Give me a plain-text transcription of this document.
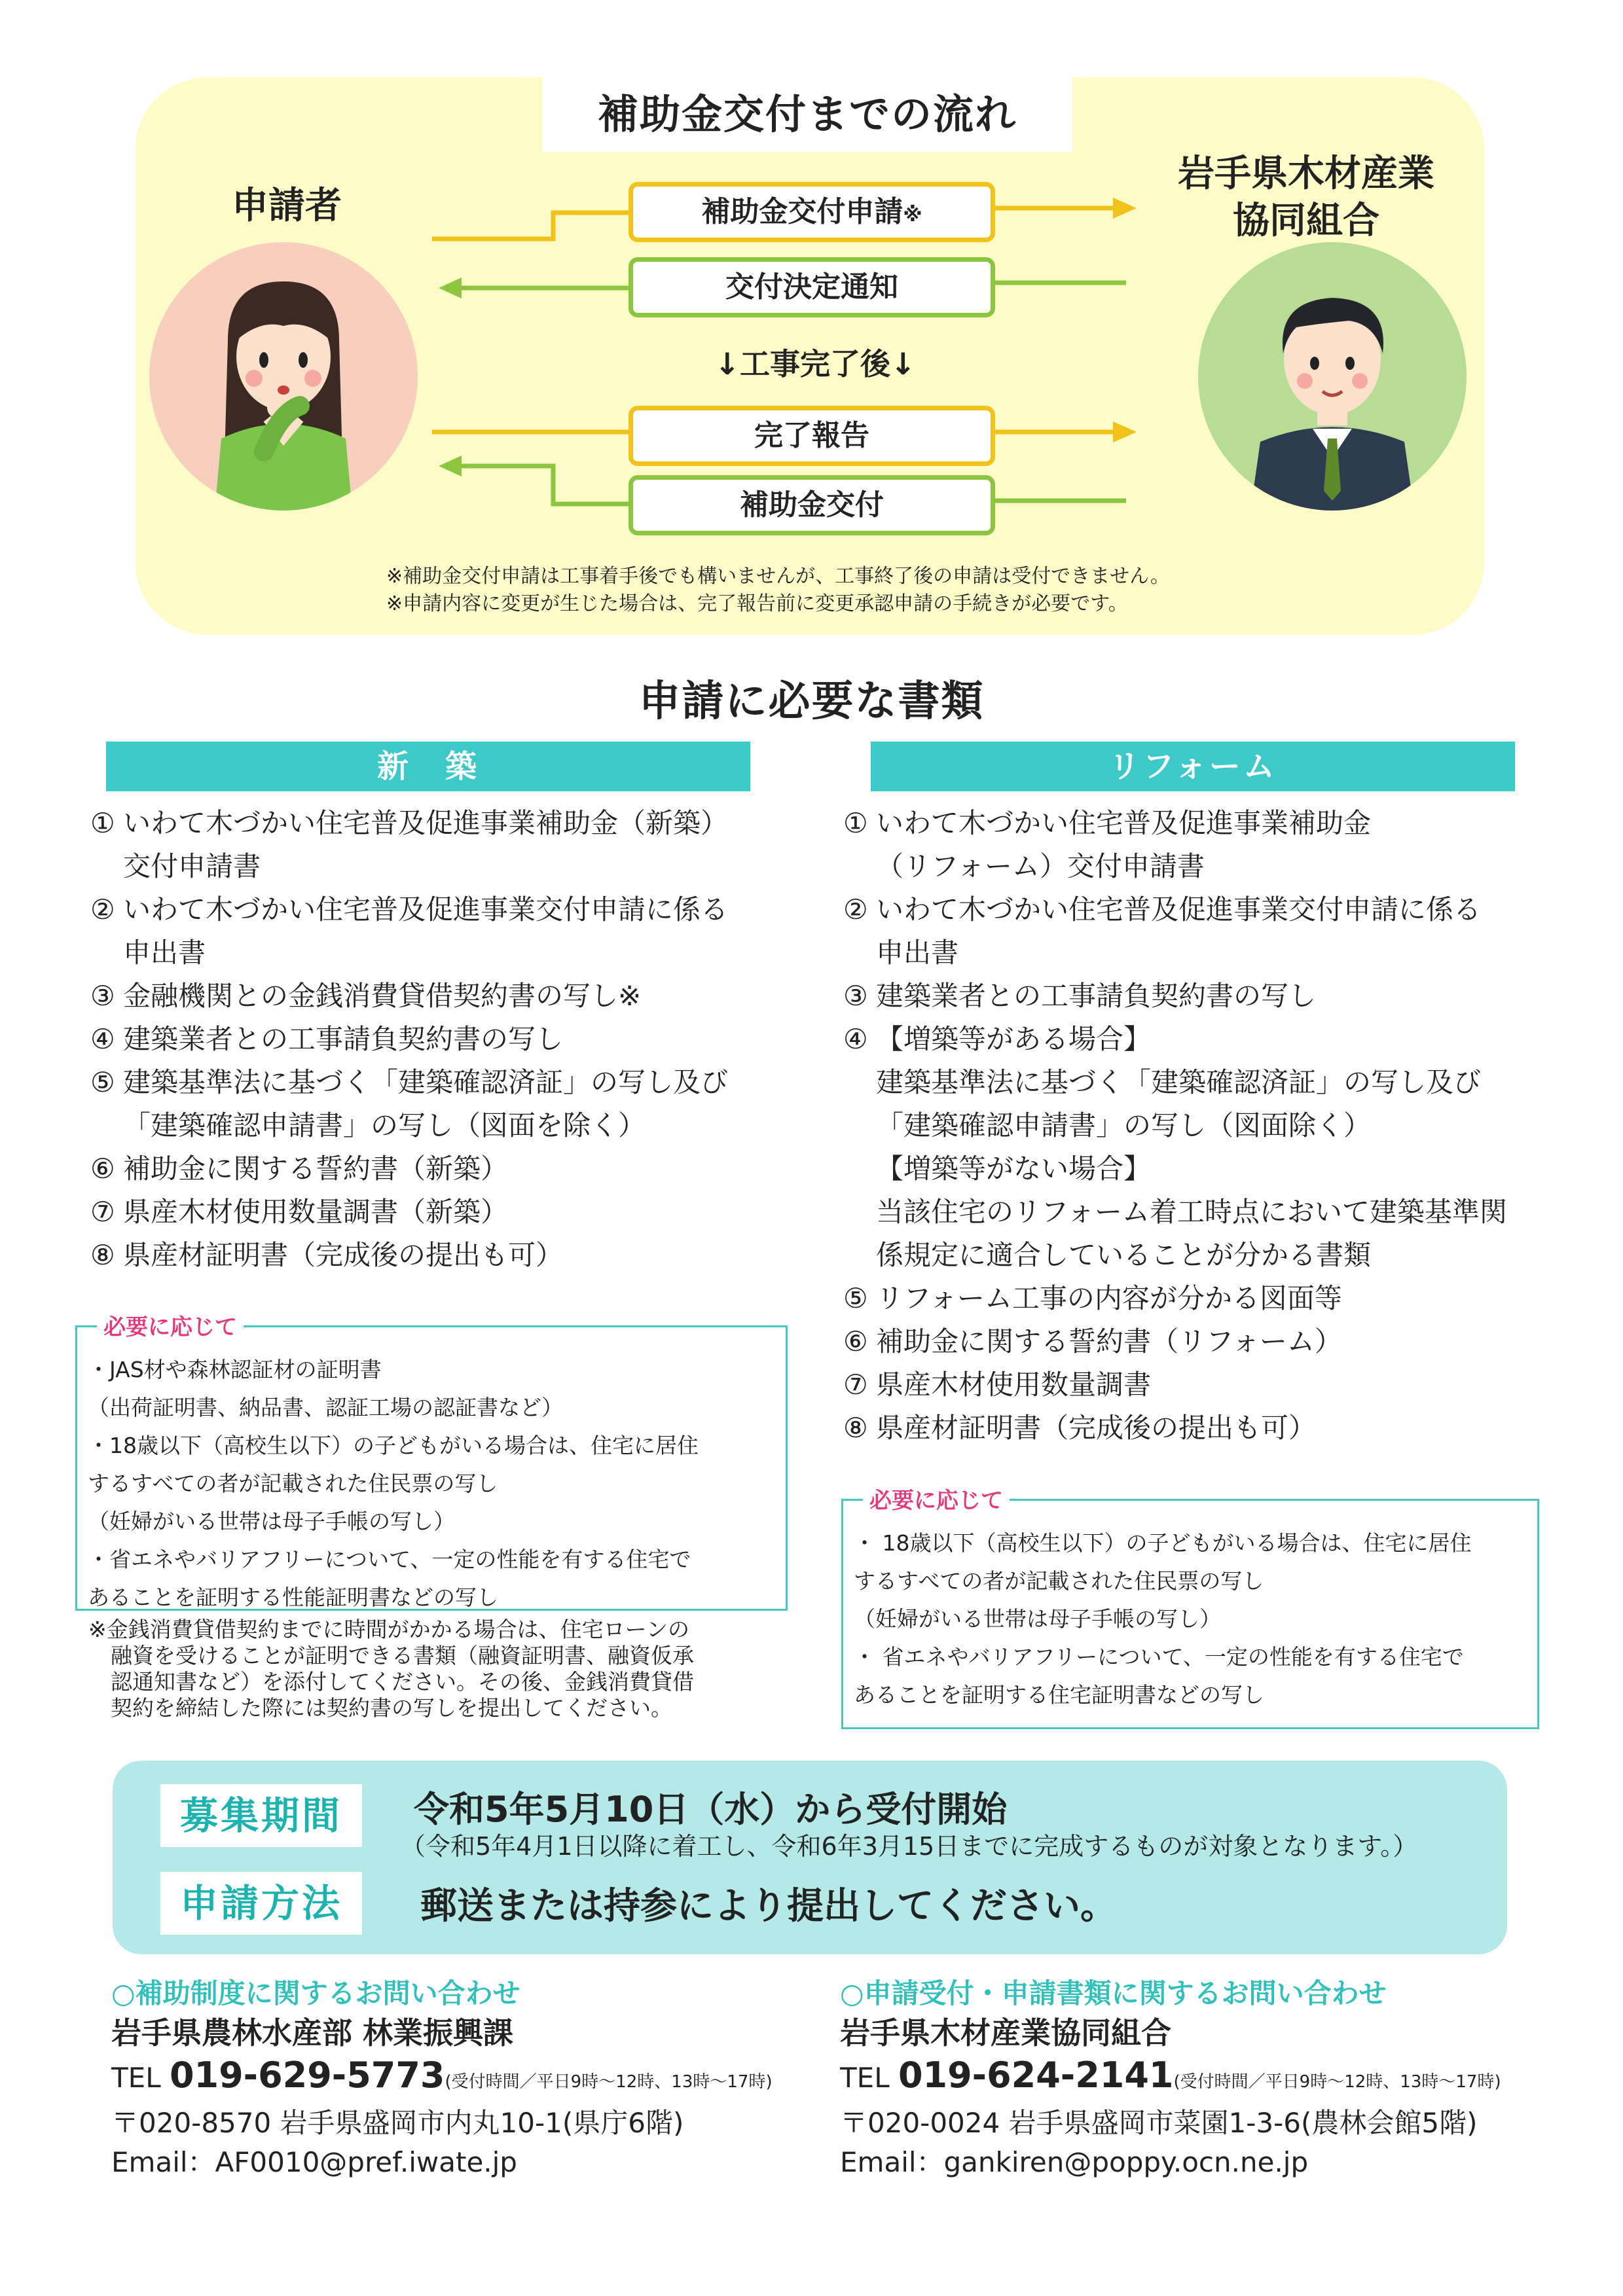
補助金交付までの流れ
申請者
岩手県木材産業
協同組合
補助金交付申請※
交付決定通知
↓工事完了後↓
完了報告
補助金交付
※補助金交付申請は工事着手後でも構いませんが、工事終了後の申請は受付できません。
※申請内容に変更が生じた場合は、完了報告前に変更承認申請の手続きが必要です。
申請に必要な書類
新　築	リフォーム
① いわて木づかい住宅普及促進事業補助金（新築）
交付申請書
② いわて木づかい住宅普及促進事業交付申請に係る
申出書
③ 金融機関との金銭消費貸借契約書の写し※
④ 建築業者との工事請負契約書の写し
⑤ 建築基準法に基づく「建築確認済証」の写し及び
「建築確認申請書」の写し（図面を除く）
⑥ 補助金に関する誓約書（新築）
⑦ 県産木材使用数量調書（新築）
⑧ 県産材証明書（完成後の提出も可）
① いわて木づかい住宅普及促進事業補助金
（リフォーム）交付申請書
② いわて木づかい住宅普及促進事業交付申請に係る
申出書
③ 建築業者との工事請負契約書の写し
④ 【増築等がある場合】
建築基準法に基づく「建築確認済証」の写し及び
「建築確認申請書」の写し（図面除く）
【増築等がない場合】
当該住宅のリフォーム着工時点において建築基準関
係規定に適合していることが分かる書類
⑤ リフォーム工事の内容が分かる図面等
⑥ 補助金に関する誓約書（リフォーム）
⑦ 県産木材使用数量調書
⑧ 県産材証明書（完成後の提出も可）
必要に応じて
・JAS材や森林認証材の証明書
（出荷証明書、納品書、認証工場の認証書など）
・18歳以下（高校生以下）の子どもがいる場合は、住宅に居住
するすべての者が記載された住民票の写し
（妊婦がいる世帯は母子手帳の写し）
・省エネやバリアフリーについて、一定の性能を有する住宅で
あることを証明する性能証明書などの写し
※金銭消費貸借契約までに時間がかかる場合は、住宅ローンの
融資を受けることが証明できる書類（融資証明書、融資仮承
認通知書など）を添付してください。その後、金銭消費貸借
契約を締結した際には契約書の写しを提出してください。
必要に応じて
・ 18歳以下（高校生以下）の子どもがいる場合は、住宅に居住
するすべての者が記載された住民票の写し
（妊婦がいる世帯は母子手帳の写し）
・ 省エネやバリアフリーについて、一定の性能を有する住宅で
あることを証明する住宅証明書などの写し
募集期間	令和5年5月10日（水）から受付開始
（令和5年4月1日以降に着工し、令和6年3月15日までに完成するものが対象となります。）
申請方法	郵送または持参により提出してください。
○補助制度に関するお問い合わせ
岩手県農林水産部 林業振興課
TEL 019-629-5773(受付時間／平日9時～12時、13時～17時)
〒020-8570 岩手県盛岡市内丸10-1(県庁6階)
Email：AF0010@pref.iwate.jp
○申請受付・申請書類に関するお問い合わせ
岩手県木材産業協同組合
TEL 019-624-2141(受付時間／平日9時～12時、13時～17時)
〒020-0024 岩手県盛岡市菜園1-3-6(農林会館5階)
Email：gankiren@poppy.ocn.ne.jp
